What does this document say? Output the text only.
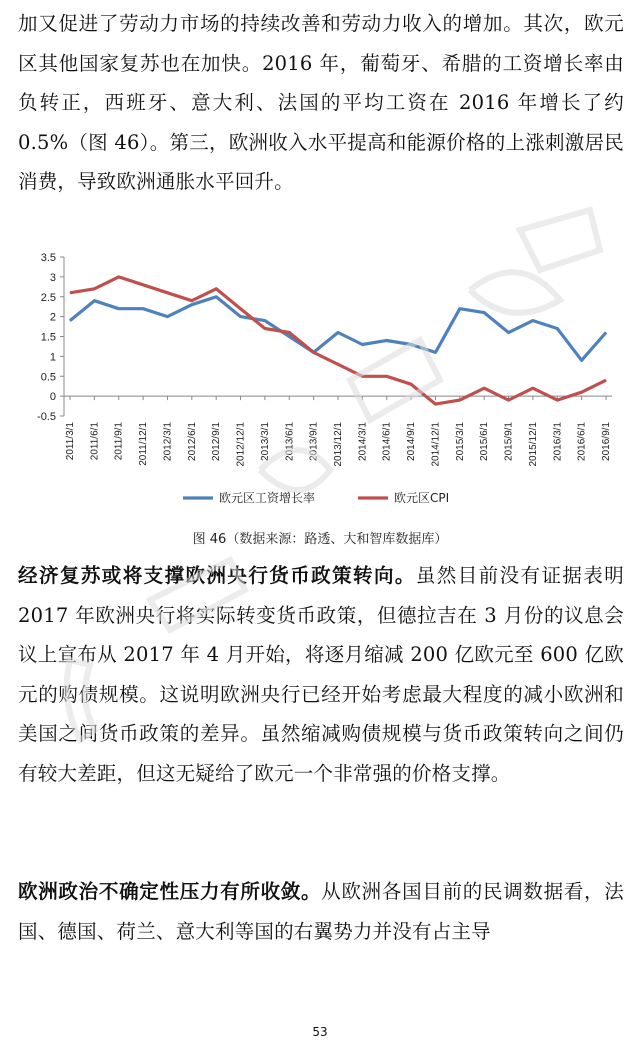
加又促进了劳动力市场的持续改善和劳动力收入的增加。其次，欧元区其他国家复苏也在加快。2016 年，葡萄牙、希腊的工资增长率由负转正，西班牙、意大利、法国的平均工资在 2016 年增长了约 0.5%（图 46）。第三，欧洲收入水平提高和能源价格的上涨刺激居民消费，导致欧洲通胀水平回升。

3.5
3
2.5
2
1.5
1
0.5
0
-0.5
2011/3/1 2011/6/1 2011/9/1 2011/12/1 2012/3/1 2012/6/1 2012/9/1 2012/12/1 2013/3/1 2013/6/1 2013/9/1 2013/12/1 2014/3/1 2014/6/1 2014/9/1 2014/12/1 2015/3/1 2015/6/1 2015/9/1 2015/12/1 2016/3/1 2016/6/1 2016/9/1
欧元区工资增长率	欧元区CPI
图 46（数据来源：路透、大和智库数据库）

经济复苏或将支撑欧洲央行货币政策转向。虽然目前没有证据表明 2017 年欧洲央行将实际转变货币政策，但德拉吉在 3 月份的议息会议上宣布从 2017 年 4 月开始，将逐月缩减 200 亿欧元至 600 亿欧元的购债规模。这说明欧洲央行已经开始考虑最大程度的减小欧洲和美国之间货币政策的差异。虽然缩减购债规模与货币政策转向之间仍有较大差距，但这无疑给了欧元一个非常强的价格支撑。

欧洲政治不确定性压力有所收敛。从欧洲各国目前的民调数据看，法国、德国、荷兰、意大利等国的右翼势力并没有占主导

53
